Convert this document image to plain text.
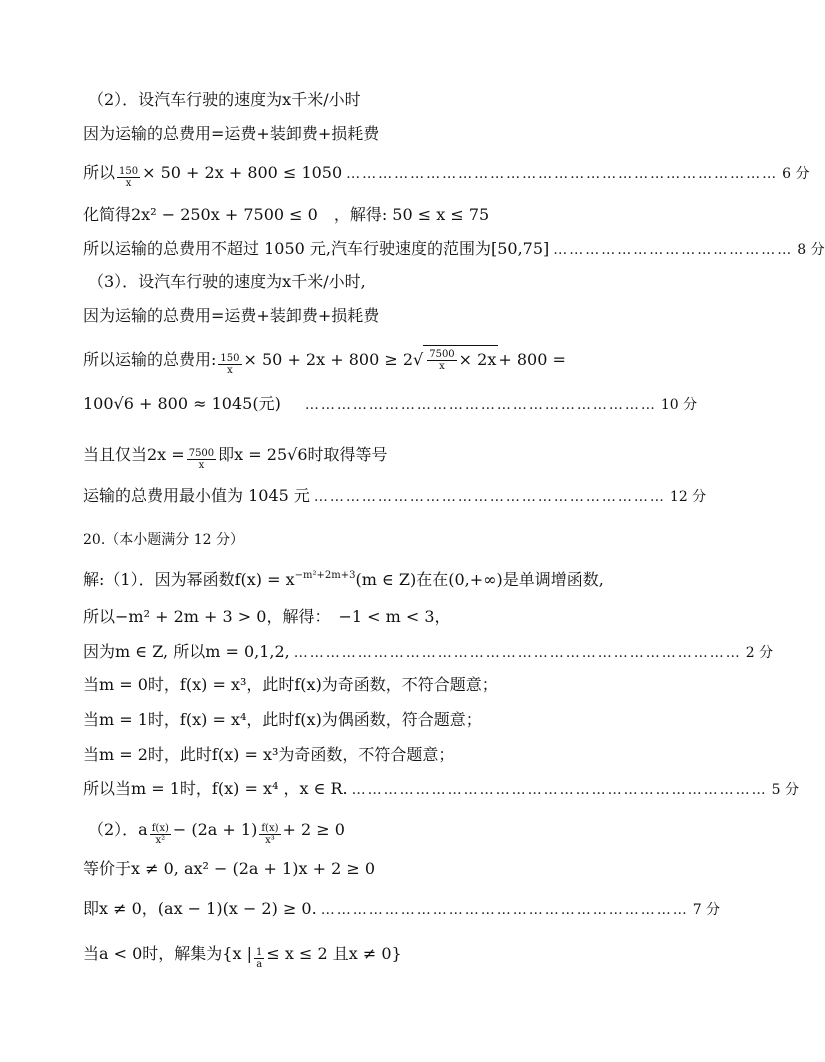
（2）．设汽车行驶的速度为x千米/小时
因为运输的总费用=运费+装卸费+损耗费
所以 $\frac{150}{x} \times 50 + 2x + 800 \le 1050$ ……………………………………………………………………… 6 分
化简得2x² − 250x + 7500 ≤ 0　，解得: 50 ≤ x ≤ 75
所以运输的总费用不超过 1050 元,汽车行驶速度的范围为[50,75] ……………………………………… 8 分
（3）．设汽车行驶的速度为x千米/小时,
因为运输的总费用=运费+装卸费+损耗费
所以运输的总费用: $\frac{150}{x} \times 50 + 2x + 800 \ge 2$ √ $\frac{7500}{x} \times 2x + 800$ =
100√6 + 800 ≈ 1045(元) ………………………………………………………… 10 分
当且仅当$2x = \frac{7500}{x}$ 即x = 25√6时取得等号
运输的总费用最小值为 1045 元 ………………………………………………………… 12 分
20.（本小题满分 12 分）
解:（1）．因为幂函数f(x) = x −m²+2m+3 (m ∈ Z)在在(0,+∞)是单调增函数,
所以−m² + 2m + 3 > 0，解得：　−1 < m < 3，
因为m ∈ Z, 所以m = 0,1,2, ………………………………………………………………………… 2 分
当m = 0时，f(x) = x³，此时f(x)为奇函数，不符合题意；
当m = 1时，f(x) = x⁴，此时f(x)为偶函数，符合题意；
当m = 2时，此时f(x) = x³为奇函数，不符合题意；
所以当m = 1时，f(x) = x⁴ ，x ∈ R. …………………………………………………………………… 5 分
（2）．a $\frac{f(x)}{\text{x²}} - (2a + 1) \frac{f(x)}{\text{x³}} + 2 \ge 0$
等价于x ≠ 0, ax² − (2a + 1)x + 2 ≥ 0
即x ≠ 0，(ax − 1)(x − 2) ≥ 0. …………………………………………………………… 7 分
当a < 0时，解集为{x | $\frac{1}{a} \le x \le 2$ 且x ≠ 0}
